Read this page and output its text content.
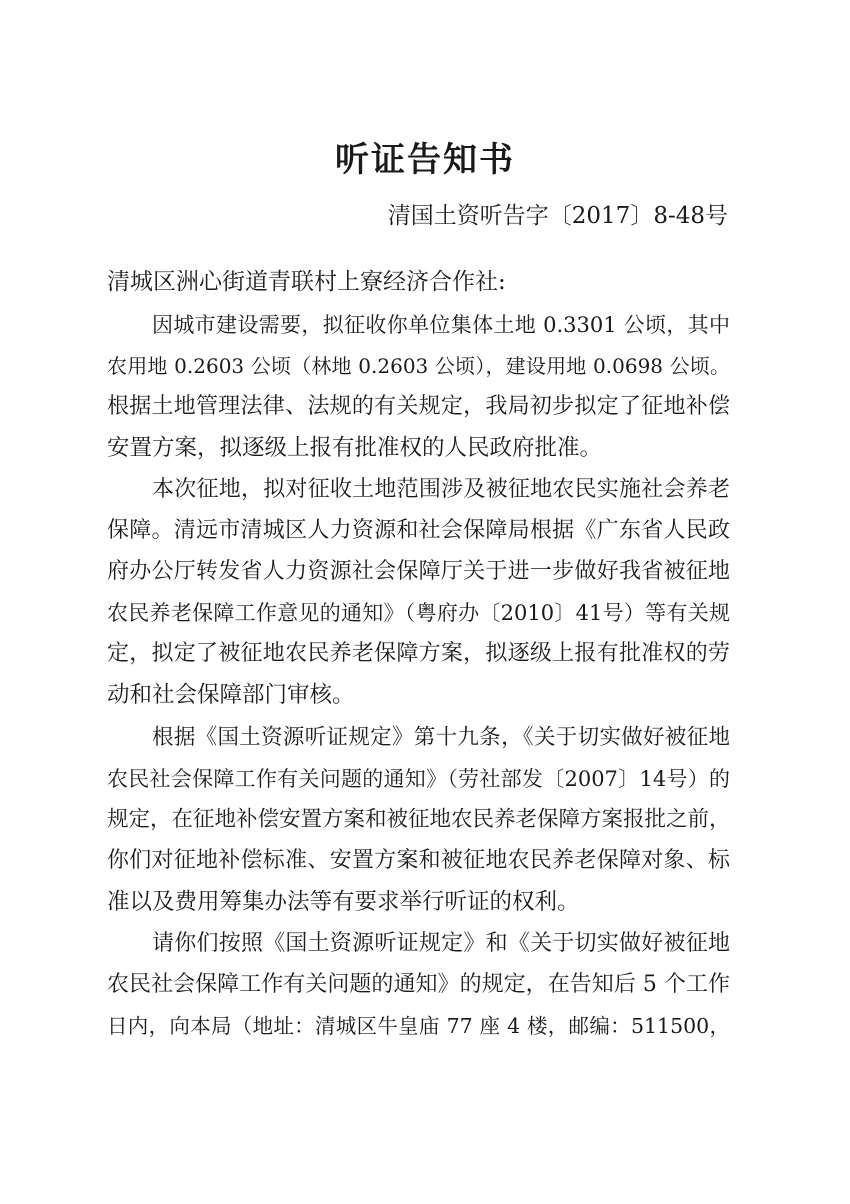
听证告知书
清国土资听告字〔2017〕8-48号
清城区洲心街道青联村上寮经济合作社:
因城市建设需要，拟征收你单位集体土地 0.3301 公顷，其中
农用地 0.2603 公顷（林地 0.2603 公顷），建设用地 0.0698 公顷。
根据土地管理法律、法规的有关规定，我局初步拟定了征地补偿
安置方案，拟逐级上报有批准权的人民政府批准。
本次征地，拟对征收土地范围涉及被征地农民实施社会养老
保障。清远市清城区人力资源和社会保障局根据《广东省人民政
府办公厅转发省人力资源社会保障厅关于进一步做好我省被征地
农民养老保障工作意见的通知》（粤府办〔2010〕41号）等有关规
定，拟定了被征地农民养老保障方案，拟逐级上报有批准权的劳
动和社会保障部门审核。
根据《国土资源听证规定》第十九条，《关于切实做好被征地
农民社会保障工作有关问题的通知》（劳社部发〔2007〕14号）的
规定，在征地补偿安置方案和被征地农民养老保障方案报批之前，
你们对征地补偿标准、安置方案和被征地农民养老保障对象、标
准以及费用筹集办法等有要求举行听证的权利。
请你们按照《国土资源听证规定》和《关于切实做好被征地
农民社会保障工作有关问题的通知》的规定，在告知后 5 个工作
日内，向本局（地址：清城区牛皇庙 77 座 4 楼，邮编：511500，
